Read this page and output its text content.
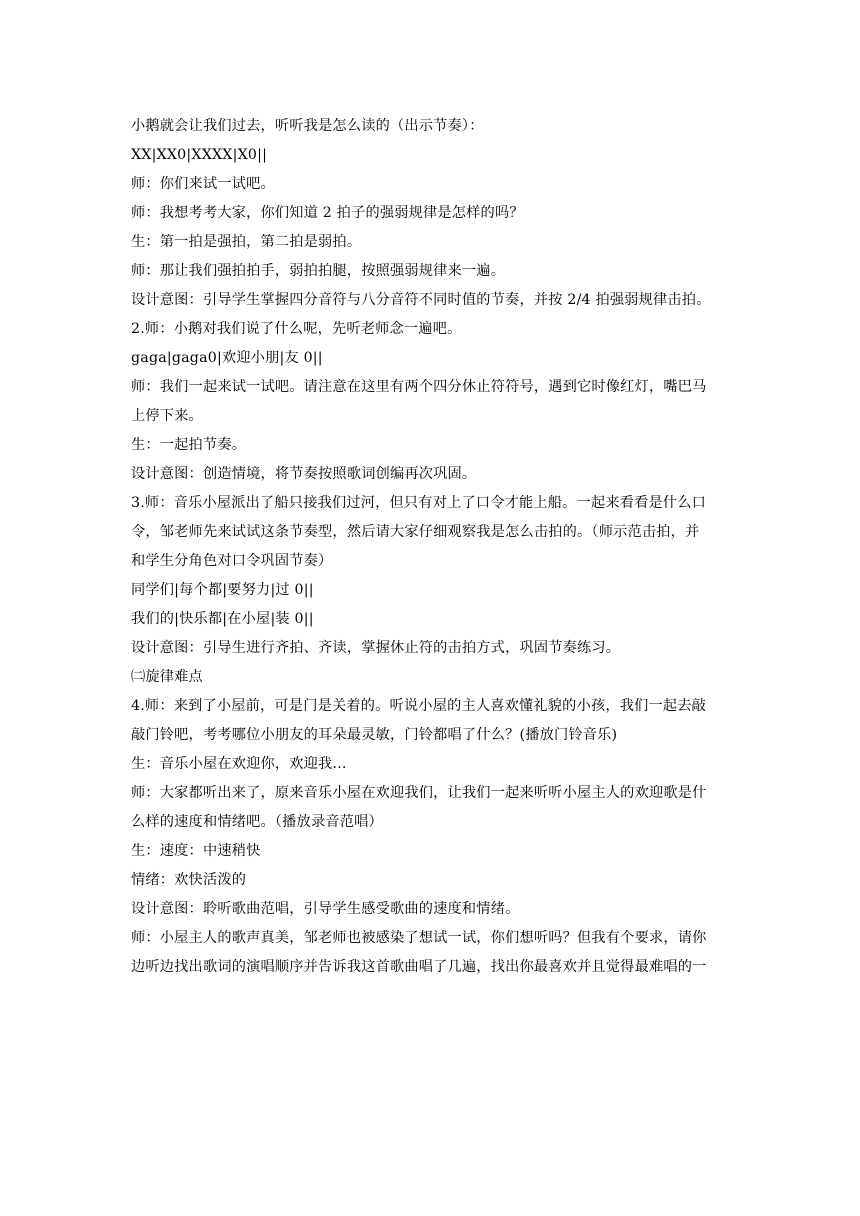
小鹅就会让我们过去，听听我是怎么读的（出示节奏）：

XX|XX0|XXXX|X0||

师：你们来试一试吧。

师：我想考考大家，你们知道 2 拍子的强弱规律是怎样的吗？

生：第一拍是强拍，第二拍是弱拍。

师：那让我们强拍拍手，弱拍拍腿，按照强弱规律来一遍。

设计意图：引导学生掌握四分音符与八分音符不同时值的节奏，并按 2/4 拍强弱规律击拍。

2.师：小鹅对我们说了什么呢，先听老师念一遍吧。

gaga|gaga0|欢迎小朋|友 0||

师：我们一起来试一试吧。请注意在这里有两个四分休止符符号，遇到它时像红灯，嘴巴马

上停下来。

生：一起拍节奏。

设计意图：创造情境，将节奏按照歌词创编再次巩固。

3.师：音乐小屋派出了船只接我们过河，但只有对上了口令才能上船。一起来看看是什么口

令，邹老师先来试试这条节奏型，然后请大家仔细观察我是怎么击拍的。（师示范击拍，并

和学生分角色对口令巩固节奏）

同学们|每个都|要努力|过 0||

我们的|快乐都|在小屋|装 0||

设计意图：引导生进行齐拍、齐读，掌握休止符的击拍方式，巩固节奏练习。

㈡旋律难点

4.师：来到了小屋前，可是门是关着的。听说小屋的主人喜欢懂礼貌的小孩，我们一起去敲

敲门铃吧，考考哪位小朋友的耳朵最灵敏，门铃都唱了什么？(播放门铃音乐)

生：音乐小屋在欢迎你，欢迎我...

师：大家都听出来了，原来音乐小屋在欢迎我们，让我们一起来听听小屋主人的欢迎歌是什

么样的速度和情绪吧。（播放录音范唱）

生：速度：中速稍快

情绪：欢快活泼的

设计意图：聆听歌曲范唱，引导学生感受歌曲的速度和情绪。

师：小屋主人的歌声真美，邹老师也被感染了想试一试，你们想听吗？但我有个要求，请你

边听边找出歌词的演唱顺序并告诉我这首歌曲唱了几遍，找出你最喜欢并且觉得最难唱的一
